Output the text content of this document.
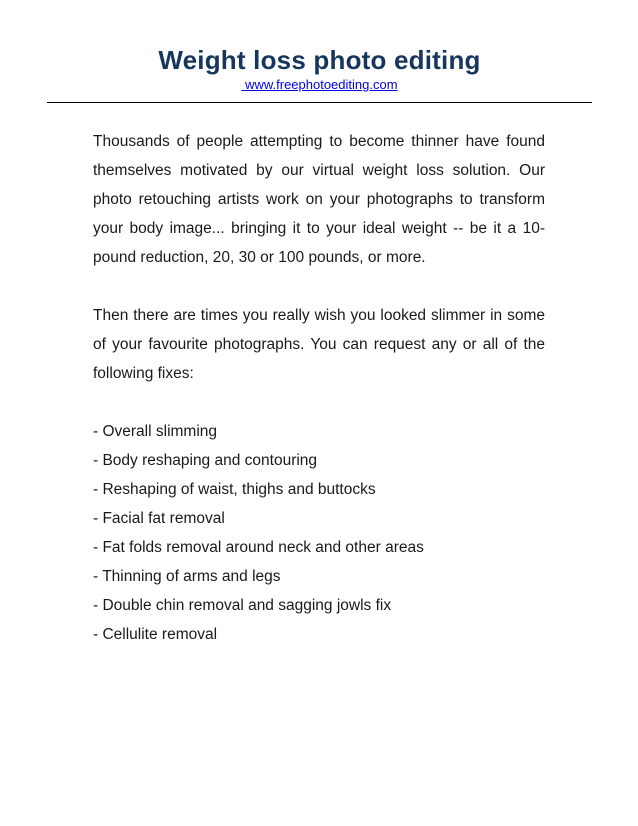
Weight loss photo editing
www.freephotoediting.com

Thousands of people attempting to become thinner have found themselves motivated by our virtual weight loss solution. Our photo retouching artists work on your photographs to transform your body image... bringing it to your ideal weight -- be it a 10-pound reduction, 20, 30 or 100 pounds, or more.

Then there are times you really wish you looked slimmer in some of your favourite photographs. You can request any or all of the following fixes:

- Overall slimming
- Body reshaping and contouring
- Reshaping of waist, thighs and buttocks
- Facial fat removal
- Fat folds removal around neck and other areas
- Thinning of arms and legs
- Double chin removal and sagging jowls fix
- Cellulite removal
